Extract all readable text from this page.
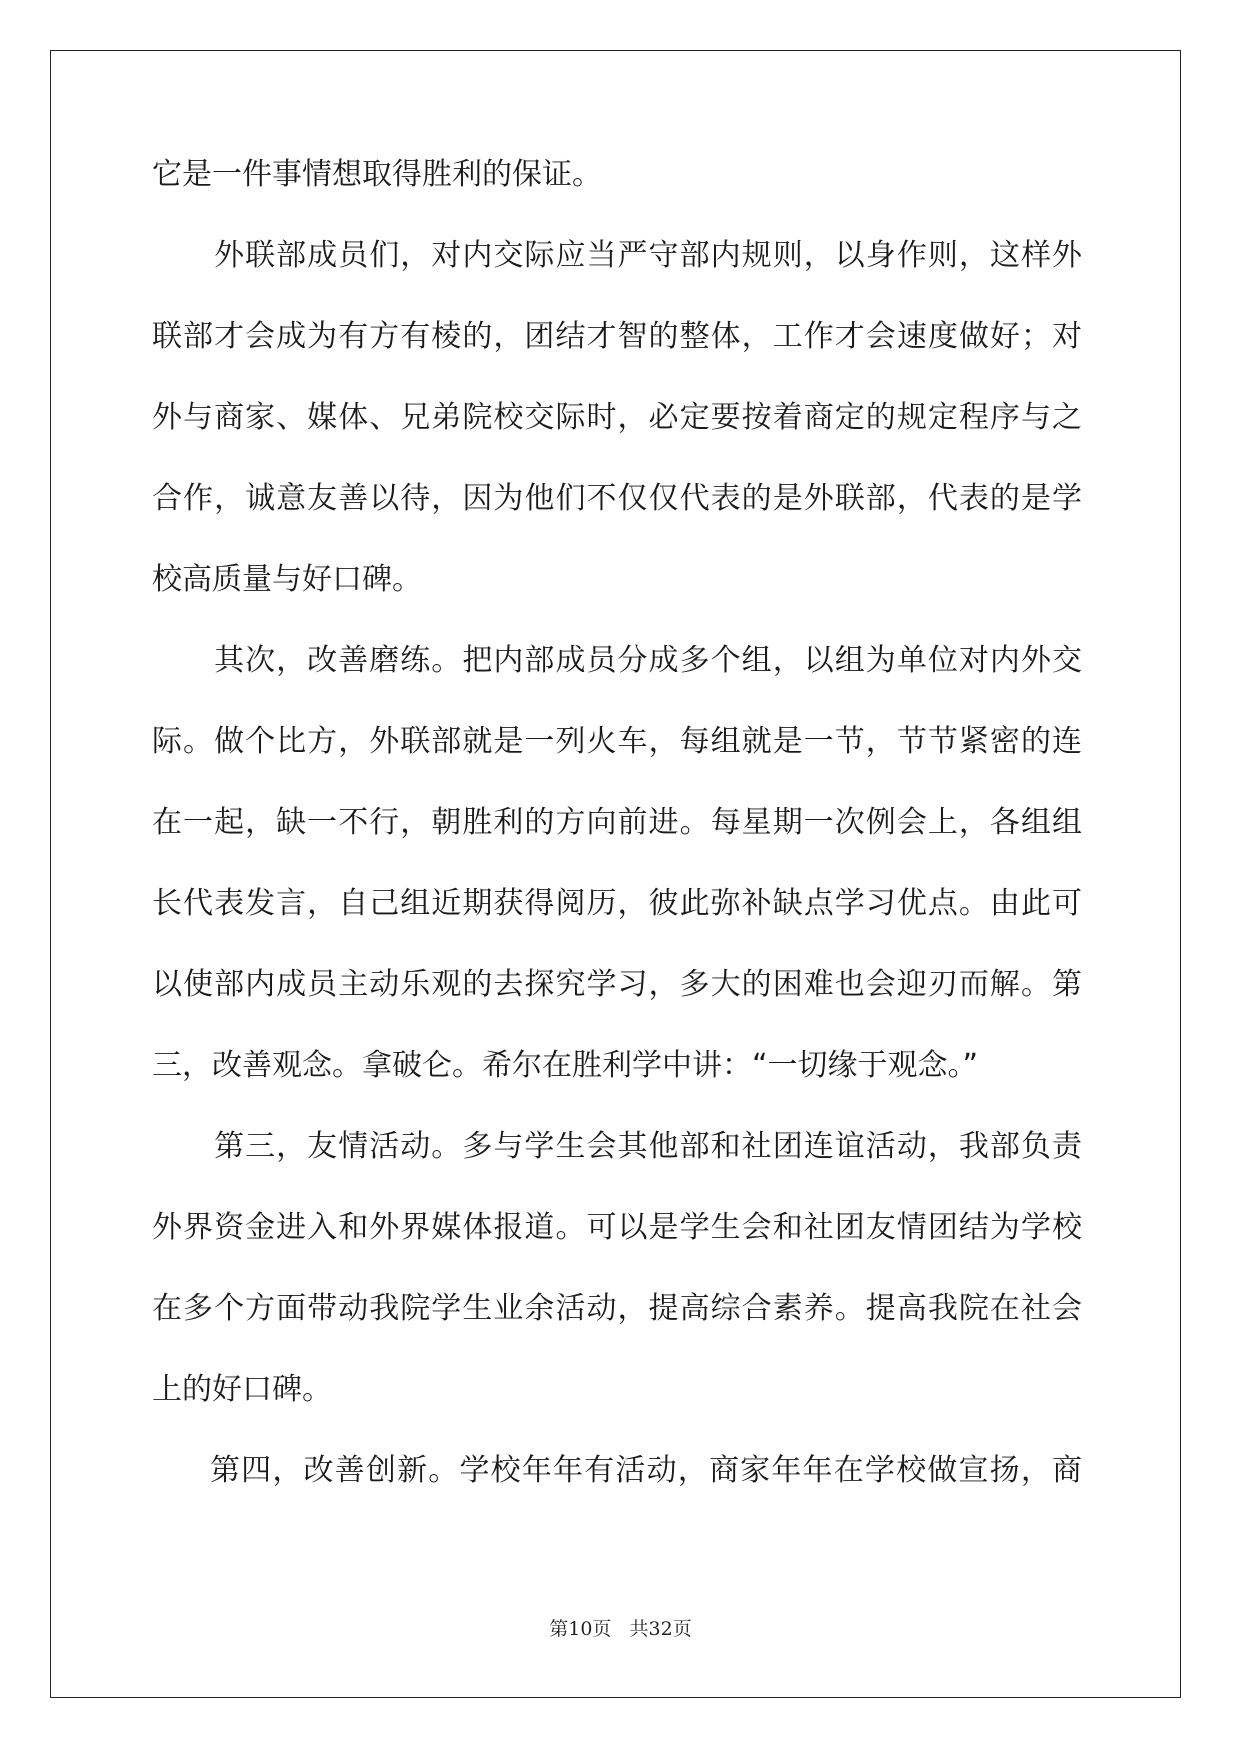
它是一件事情想取得胜利的保证。
　　外联部成员们，对内交际应当严守部内规则，以身作则，这样外
联部才会成为有方有棱的，团结才智的整体，工作才会速度做好；对
外与商家、媒体、兄弟院校交际时，必定要按着商定的规定程序与之
合作，诚意友善以待，因为他们不仅仅代表的是外联部，代表的是学
校高质量与好口碑。
　　其次，改善磨练。把内部成员分成多个组，以组为单位对内外交
际。做个比方，外联部就是一列火车，每组就是一节，节节紧密的连
在一起，缺一不行，朝胜利的方向前进。每星期一次例会上，各组组
长代表发言，自己组近期获得阅历，彼此弥补缺点学习优点。由此可
以使部内成员主动乐观的去探究学习，多大的困难也会迎刃而解。第
三，改善观念。拿破仑。希尔在胜利学中讲：“一切缘于观念。”
　　第三，友情活动。多与学生会其他部和社团连谊活动，我部负责
外界资金进入和外界媒体报道。可以是学生会和社团友情团结为学校
在多个方面带动我院学生业余活动，提高综合素养。提高我院在社会
上的好口碑。
第四，改善创新。学校年年有活动，商家年年在学校做宣扬，商
第10页   共32页
